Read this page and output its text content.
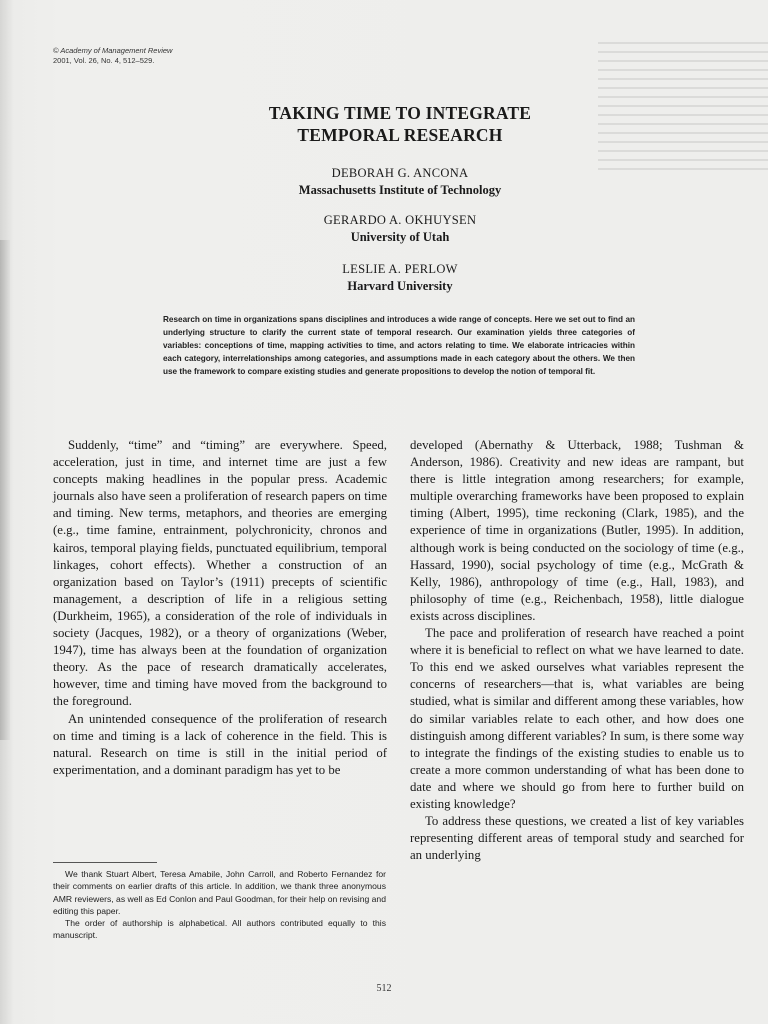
© Academy of Management Review
2001, Vol. 26, No. 4, 512–529.
TAKING TIME TO INTEGRATE
TEMPORAL RESEARCH
DEBORAH G. ANCONA
Massachusetts Institute of Technology
GERARDO A. OKHUYSEN
University of Utah
LESLIE A. PERLOW
Harvard University
Research on time in organizations spans disciplines and introduces a wide range of concepts. Here we set out to find an underlying structure to clarify the current state of temporal research. Our examination yields three categories of variables: conceptions of time, mapping activities to time, and actors relating to time. We elaborate intricacies within each category, interrelationships among categories, and assumptions made in each category about the others. We then use the framework to compare existing studies and generate propositions to develop the notion of temporal fit.

Suddenly, “time” and “timing” are everywhere. Speed, acceleration, just in time, and internet time are just a few concepts making headlines in the popular press. Academic journals also have seen a proliferation of research papers on time and timing. New terms, metaphors, and theories are emerging (e.g., time famine, entrainment, polychronicity, chronos and kairos, temporal playing fields, punctuated equilibrium, temporal linkages, cohort effects). Whether a construction of an organization based on Taylor’s (1911) precepts of scientific management, a description of life in a religious setting (Durkheim, 1965), a consideration of the role of individuals in society (Jacques, 1982), or a theory of organizations (Weber, 1947), time has always been at the foundation of organization theory. As the pace of research dramatically accelerates, however, time and timing have moved from the background to the foreground.

An unintended consequence of the proliferation of research on time and timing is a lack of coherence in the field. This is natural. Research on time is still in the initial period of experimentation, and a dominant paradigm has yet to be

developed (Abernathy & Utterback, 1988; Tushman & Anderson, 1986). Creativity and new ideas are rampant, but there is little integration among researchers; for example, multiple overarching frameworks have been proposed to explain timing (Albert, 1995), time reckoning (Clark, 1985), and the experience of time in organizations (Butler, 1995). In addition, although work is being conducted on the sociology of time (e.g., Hassard, 1990), social psychology of time (e.g., McGrath & Kelly, 1986), anthropology of time (e.g., Hall, 1983), and philosophy of time (e.g., Reichenbach, 1958), little dialogue exists across disciplines.

The pace and proliferation of research have reached a point where it is beneficial to reflect on what we have learned to date. To this end we asked ourselves what variables represent the concerns of researchers—that is, what variables are being studied, what is similar and different among these variables, how do similar variables relate to each other, and how does one distinguish among different variables? In sum, is there some way to integrate the findings of the existing studies to enable us to create a more common understanding of what has been done to date and where we should go from here to further build on existing knowledge?

To address these questions, we created a list of key variables representing different areas of temporal study and searched for an underlying

We thank Stuart Albert, Teresa Amabile, John Carroll, and Roberto Fernandez for their comments on earlier drafts of this article. In addition, we thank three anonymous AMR reviewers, as well as Ed Conlon and Paul Goodman, for their help on revising and editing this paper.

The order of authorship is alphabetical. All authors contributed equally to this manuscript.

512
